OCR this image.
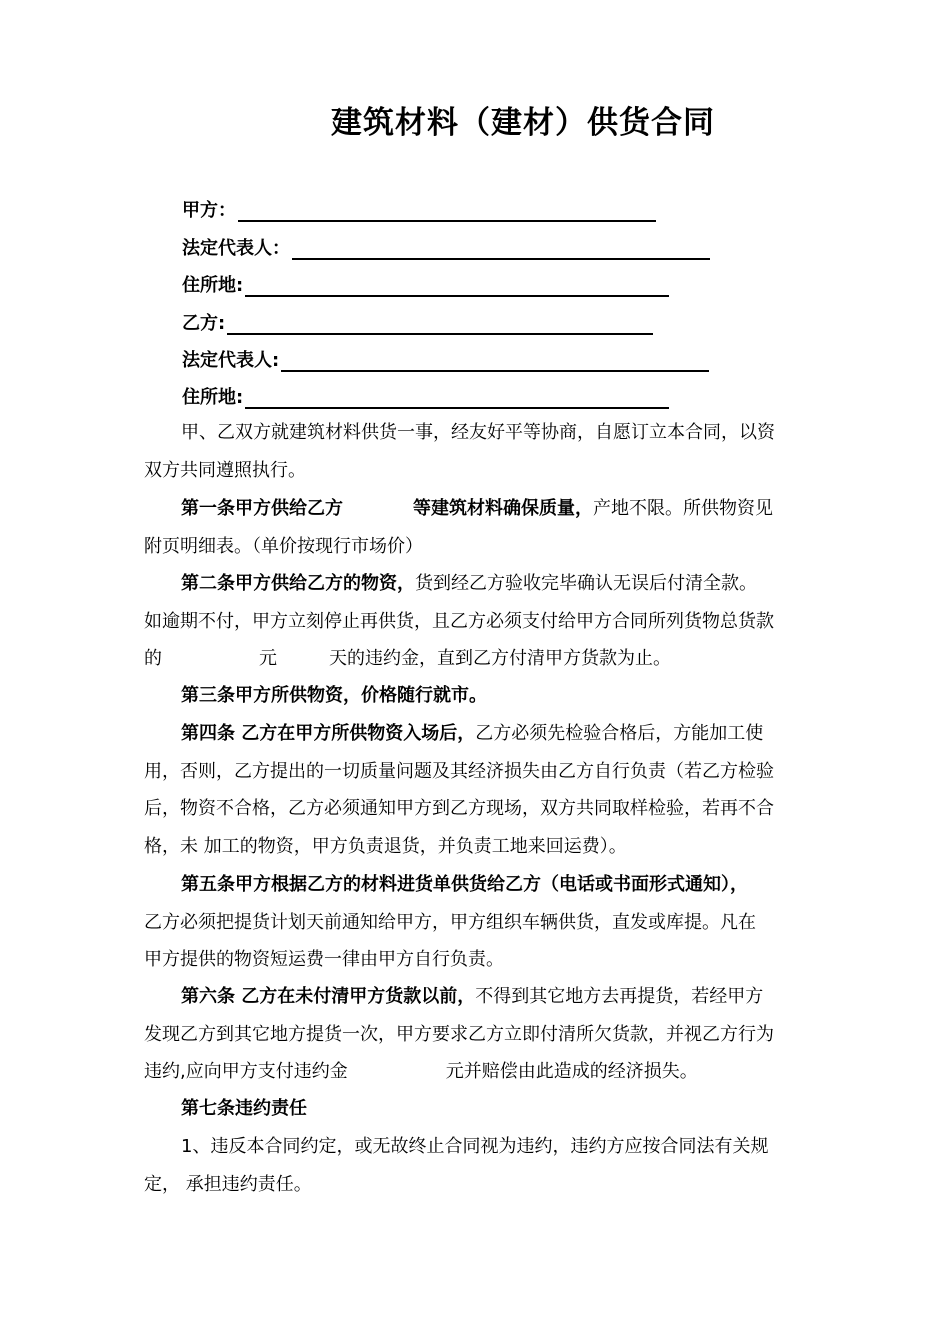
建筑材料（建材）供货合同
甲方：
法定代表人：
住所地:
乙方:
法定代表人:
住所地:
甲、乙双方就建筑材料供货一事，经友好平等协商，自愿订立本合同，以资
双方共同遵照执行。
第一条甲方供给乙方	等建筑材料确保质量，产地不限。所供物资见
附页明细表。（单价按现行市场价）
第二条甲方供给乙方的物资，货到经乙方验收完毕确认无误后付清全款。
如逾期不付，甲方立刻停止再供货，且乙方必须支付给甲方合同所列货物总货款
的	元	天的违约金，直到乙方付清甲方货款为止。
第三条甲方所供物资，价格随行就市。
第四条 乙方在甲方所供物资入场后，乙方必须先检验合格后，方能加工使
用，否则，乙方提出的一切质量问题及其经济损失由乙方自行负责（若乙方检验
后，物资不合格，乙方必须通知甲方到乙方现场，双方共同取样检验，若再不合
格，未 加工的物资，甲方负责退货，并负责工地来回运费）。
第五条甲方根据乙方的材料进货单供货给乙方（电话或书面形式通知），
乙方必须把提货计划天前通知给甲方，甲方组织车辆供货，直发或库提。凡在
甲方提供的物资短运费一律由甲方自行负责。
第六条 乙方在未付清甲方货款以前，不得到其它地方去再提货，若经甲方
发现乙方到其它地方提货一次，甲方要求乙方立即付清所欠货款，并视乙方行为
违约,应向甲方支付违约金	元并赔偿由此造成的经济损失。
第七条违约责任
1、违反本合同约定，或无故终止合同视为违约，违约方应按合同法有关规
定， 承担违约责任。
